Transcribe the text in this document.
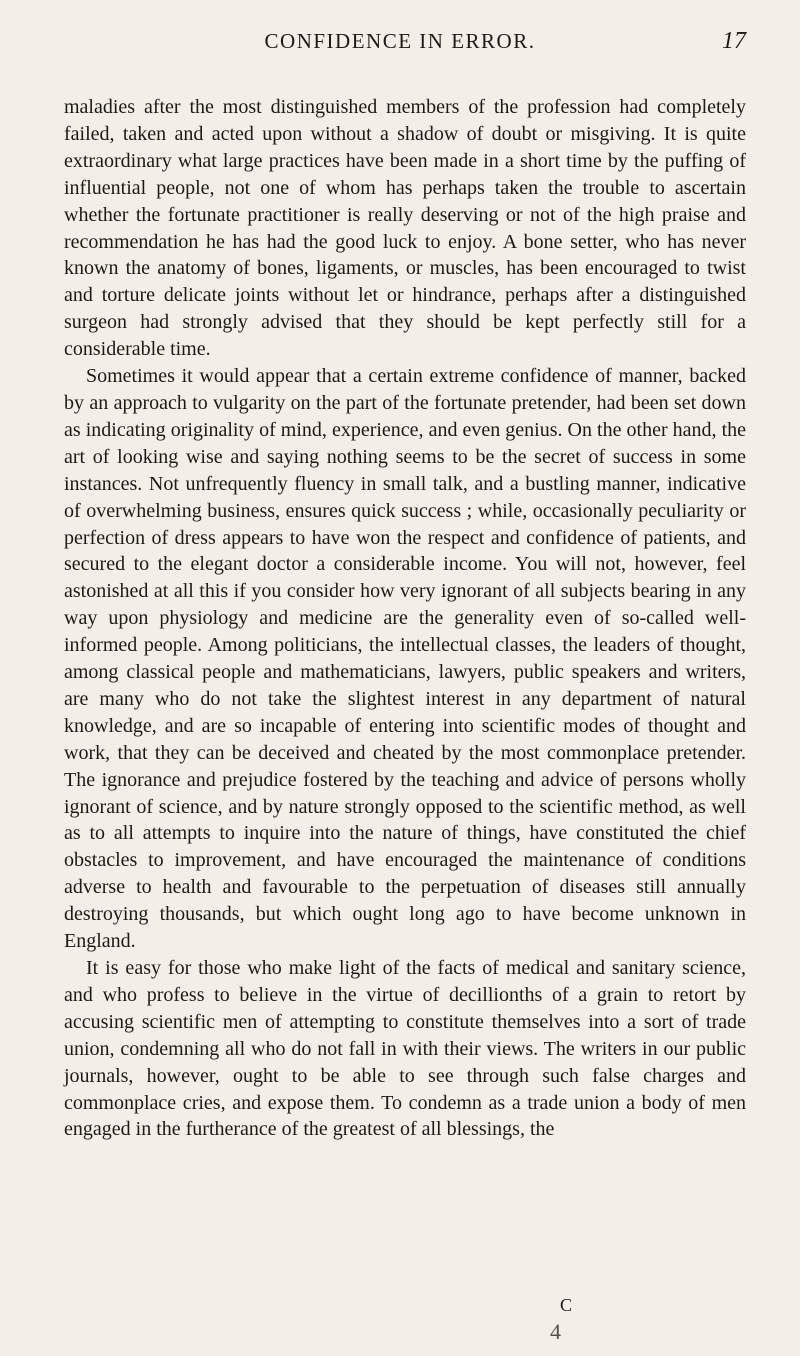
CONFIDENCE IN ERROR.	17

maladies after the most distinguished members of the profession had completely failed, taken and acted upon without a shadow of doubt or misgiving. It is quite extraordinary what large practices have been made in a short time by the puffing of influential people, not one of whom has perhaps taken the trouble to ascertain whether the fortunate practitioner is really deserving or not of the high praise and recommendation he has had the good luck to enjoy. A bone setter, who has never known the anatomy of bones, ligaments, or muscles, has been encouraged to twist and torture delicate joints without let or hindrance, perhaps after a distinguished surgeon had strongly advised that they should be kept perfectly still for a considerable time.

Sometimes it would appear that a certain extreme confidence of manner, backed by an approach to vulgarity on the part of the fortunate pretender, had been set down as indicating originality of mind, experience, and even genius. On the other hand, the art of looking wise and saying nothing seems to be the secret of success in some instances. Not unfrequently fluency in small talk, and a bustling manner, indicative of overwhelming business, ensures quick success ; while, occasionally peculiarity or perfection of dress appears to have won the respect and confidence of patients, and secured to the elegant doctor a considerable income. You will not, however, feel astonished at all this if you consider how very ignorant of all subjects bearing in any way upon physiology and medicine are the generality even of so-called well-informed people. Among politicians, the intellectual classes, the leaders of thought, among classical people and mathematicians, lawyers, public speakers and writers, are many who do not take the slightest interest in any department of natural knowledge, and are so incapable of entering into scientific modes of thought and work, that they can be deceived and cheated by the most commonplace pretender. The ignorance and prejudice fostered by the teaching and advice of persons wholly ignorant of science, and by nature strongly opposed to the scientific method, as well as to all attempts to inquire into the nature of things, have constituted the chief obstacles to improvement, and have encouraged the maintenance of conditions adverse to health and favourable to the perpetuation of diseases still annually destroying thousands, but which ought long ago to have become unknown in England.

It is easy for those who make light of the facts of medical and sanitary science, and who profess to believe in the virtue of decillionths of a grain to retort by accusing scientific men of attempting to constitute themselves into a sort of trade union, condemning all who do not fall in with their views. The writers in our public journals, however, ought to be able to see through such false charges and commonplace cries, and expose them. To condemn as a trade union a body of men engaged in the furtherance of the greatest of all blessings, the

C
4
